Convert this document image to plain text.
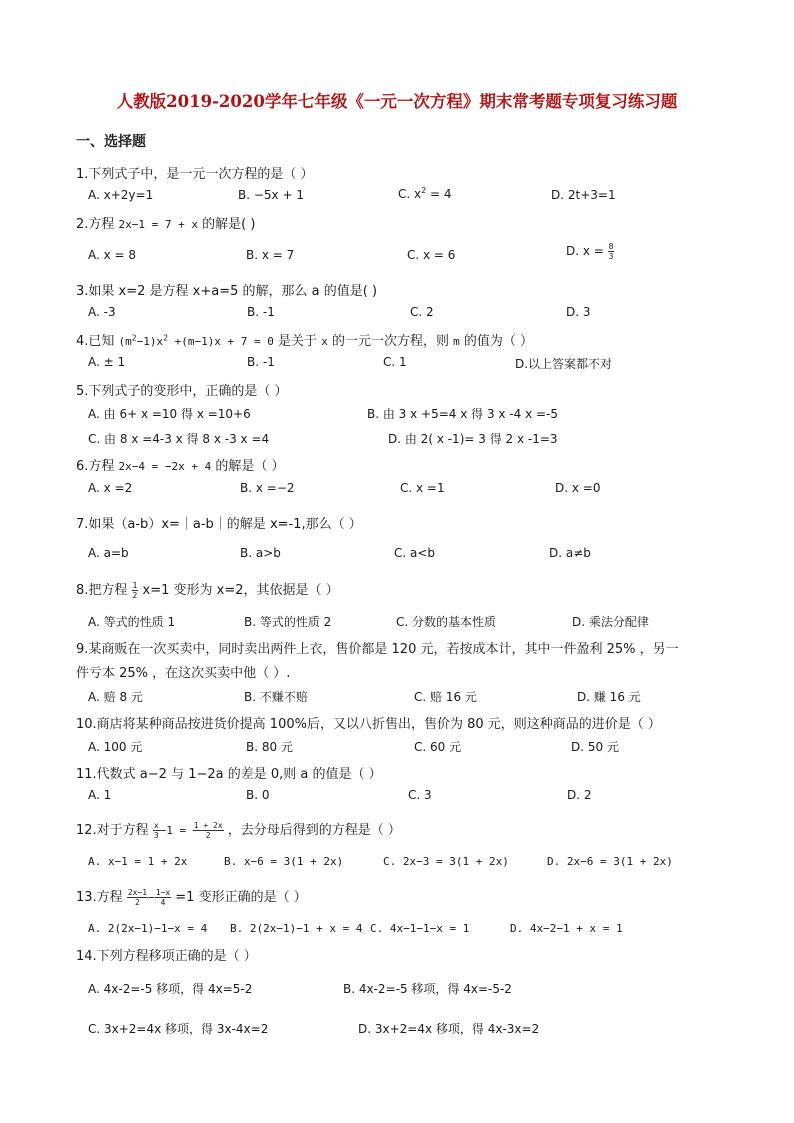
人教版2019-2020学年七年级《一元一次方程》期末常考题专项复习练习题
一、选择题
1.下列式子中，是一元一次方程的是（ ）
A. x+2y=1	B. −5x + 1	C. $x^2 = 4$	D. 2t+3=1
2.方程 2x−1 = 7 + x 的解是( )
A. x = 8	B. x = 7	C. x = 6	D. $x = \frac{8}{3}$
3.如果 x=2 是方程 x+a=5 的解，那么 a 的值是( )
A. -3	B. -1	C. 2	D. 3
4.已知 $(m^2-1)x^2 +(m-1)x + 7 = 0$ 是关于 x 的一元一次方程，则 m 的值为（ ）
A. ± 1	B. -1	C. 1	D.以上答案都不对
5.下列式子的变形中，正确的是（ ）
A. 由 6+ x =10 得 x =10+6	B. 由 3 x +5=4 x 得 3 x -4 x =-5
C. 由 8 x =4-3 x 得 8 x -3 x =4	D. 由 2( x -1)= 3 得 2 x -1=3
6.方程 2x−4 = −2x + 4 的解是（ ）
A. x =2	B. x =−2	C. x =1	D. x =0
7.如果（a-b）x=｜a-b｜的解是 x=-1,那么（ ）
A. a=b	B. a>b	C. a<b	D. a≠b
8.把方程 $\frac{1}{2} x=1$ 变形为 x=2，其依据是（ ）
A. 等式的性质 1	B. 等式的性质 2	C. 分数的基本性质	D. 乘法分配律
9.某商贩在一次买卖中，同时卖出两件上衣，售价都是 120 元，若按成本计，其中一件盈利 25% ，另一
件亏本 25% ，在这次买卖中他（ ）.
A. 赔 8 元	B. 不赚不赔	C. 赔 16 元	D. 赚 16 元
10.商店将某种商品按进货价提高 100%后，又以八折售出，售价为 80 元，则这种商品的进价是（ ）
A. 100 元	B. 80 元	C. 60 元	D. 50 元
11.代数式 a−2 与 1−2a 的差是 0,则 a 的值是（ ）
A. 1	B. 0	C. 3	D. 2
12.对于方程 $\frac{x}{3} -1 = \frac{1 + 2x}{2}$ ，去分母后得到的方程是（ ）
A. x−1 = 1 + 2x	B. x−6 = 3(1 + 2x)	C. 2x−3 = 3(1 + 2x)	D. 2x−6 = 3(1 + 2x)
13.方程 $\frac{2x-1}{2} - \frac{1-x}{4} =1$ 变形正确的是（ ）
A. 2(2x−1)−1−x = 4 B. 2(2x−1)−1 + x = 4 C. 4x−1−1−x = 1	D. 4x−2−1 + x = 1
14.下列方程移项正确的是（ ）
A. 4x-2=-5 移项，得 4x=5-2	B. 4x-2=-5 移项，得 4x=-5-2
C. 3x+2=4x 移项，得 3x-4x=2	D. 3x+2=4x 移项，得 4x-3x=2
